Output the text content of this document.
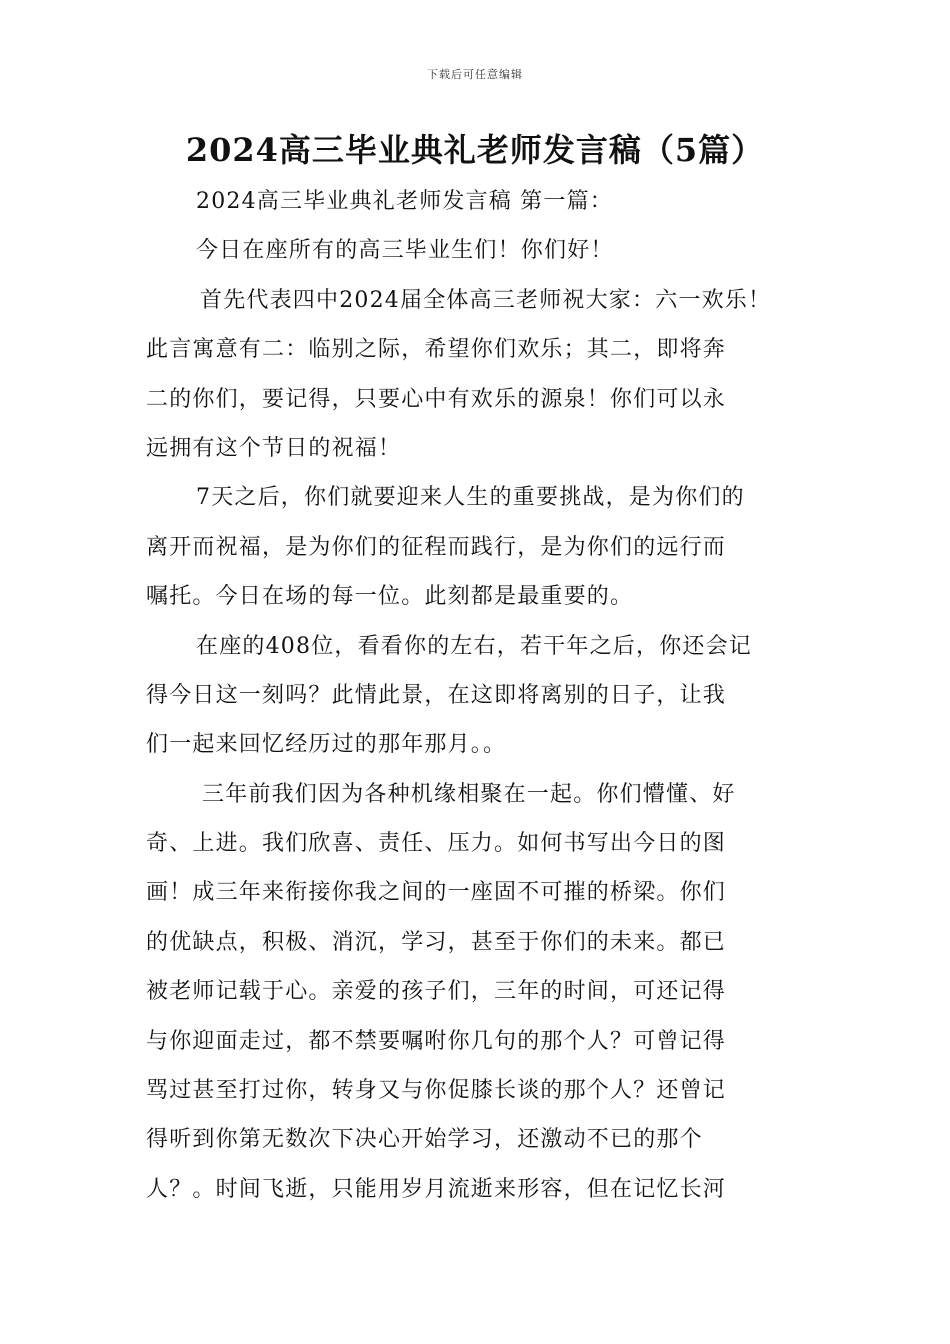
下载后可任意编辑
2024高三毕业典礼老师发言稿（5篇）
2024高三毕业典礼老师发言稿 第一篇：
今日在座所有的高三毕业生们！你们好！
首先代表四中2024届全体高三老师祝大家：六一欢乐！
此言寓意有二：临别之际，希望你们欢乐；其二，即将奔
二的你们，要记得，只要心中有欢乐的源泉！你们可以永
远拥有这个节日的祝福！
7天之后，你们就要迎来人生的重要挑战，是为你们的
离开而祝福，是为你们的征程而践行，是为你们的远行而
嘱托。今日在场的每一位。此刻都是最重要的。
在座的408位，看看你的左右，若干年之后，你还会记
得今日这一刻吗？此情此景，在这即将离别的日子，让我
们一起来回忆经历过的那年那月。。
三年前我们因为各种机缘相聚在一起。你们懵懂、好
奇、上进。我们欣喜、责任、压力。如何书写出今日的图
画！成三年来衔接你我之间的一座固不可摧的桥梁。你们
的优缺点，积极、消沉，学习，甚至于你们的未来。都已
被老师记载于心。亲爱的孩子们，三年的时间，可还记得
与你迎面走过，都不禁要嘱咐你几句的那个人？可曾记得
骂过甚至打过你，转身又与你促膝长谈的那个人？还曾记
得听到你第无数次下决心开始学习，还激动不已的那个
人？。时间飞逝，只能用岁月流逝来形容，但在记忆长河
